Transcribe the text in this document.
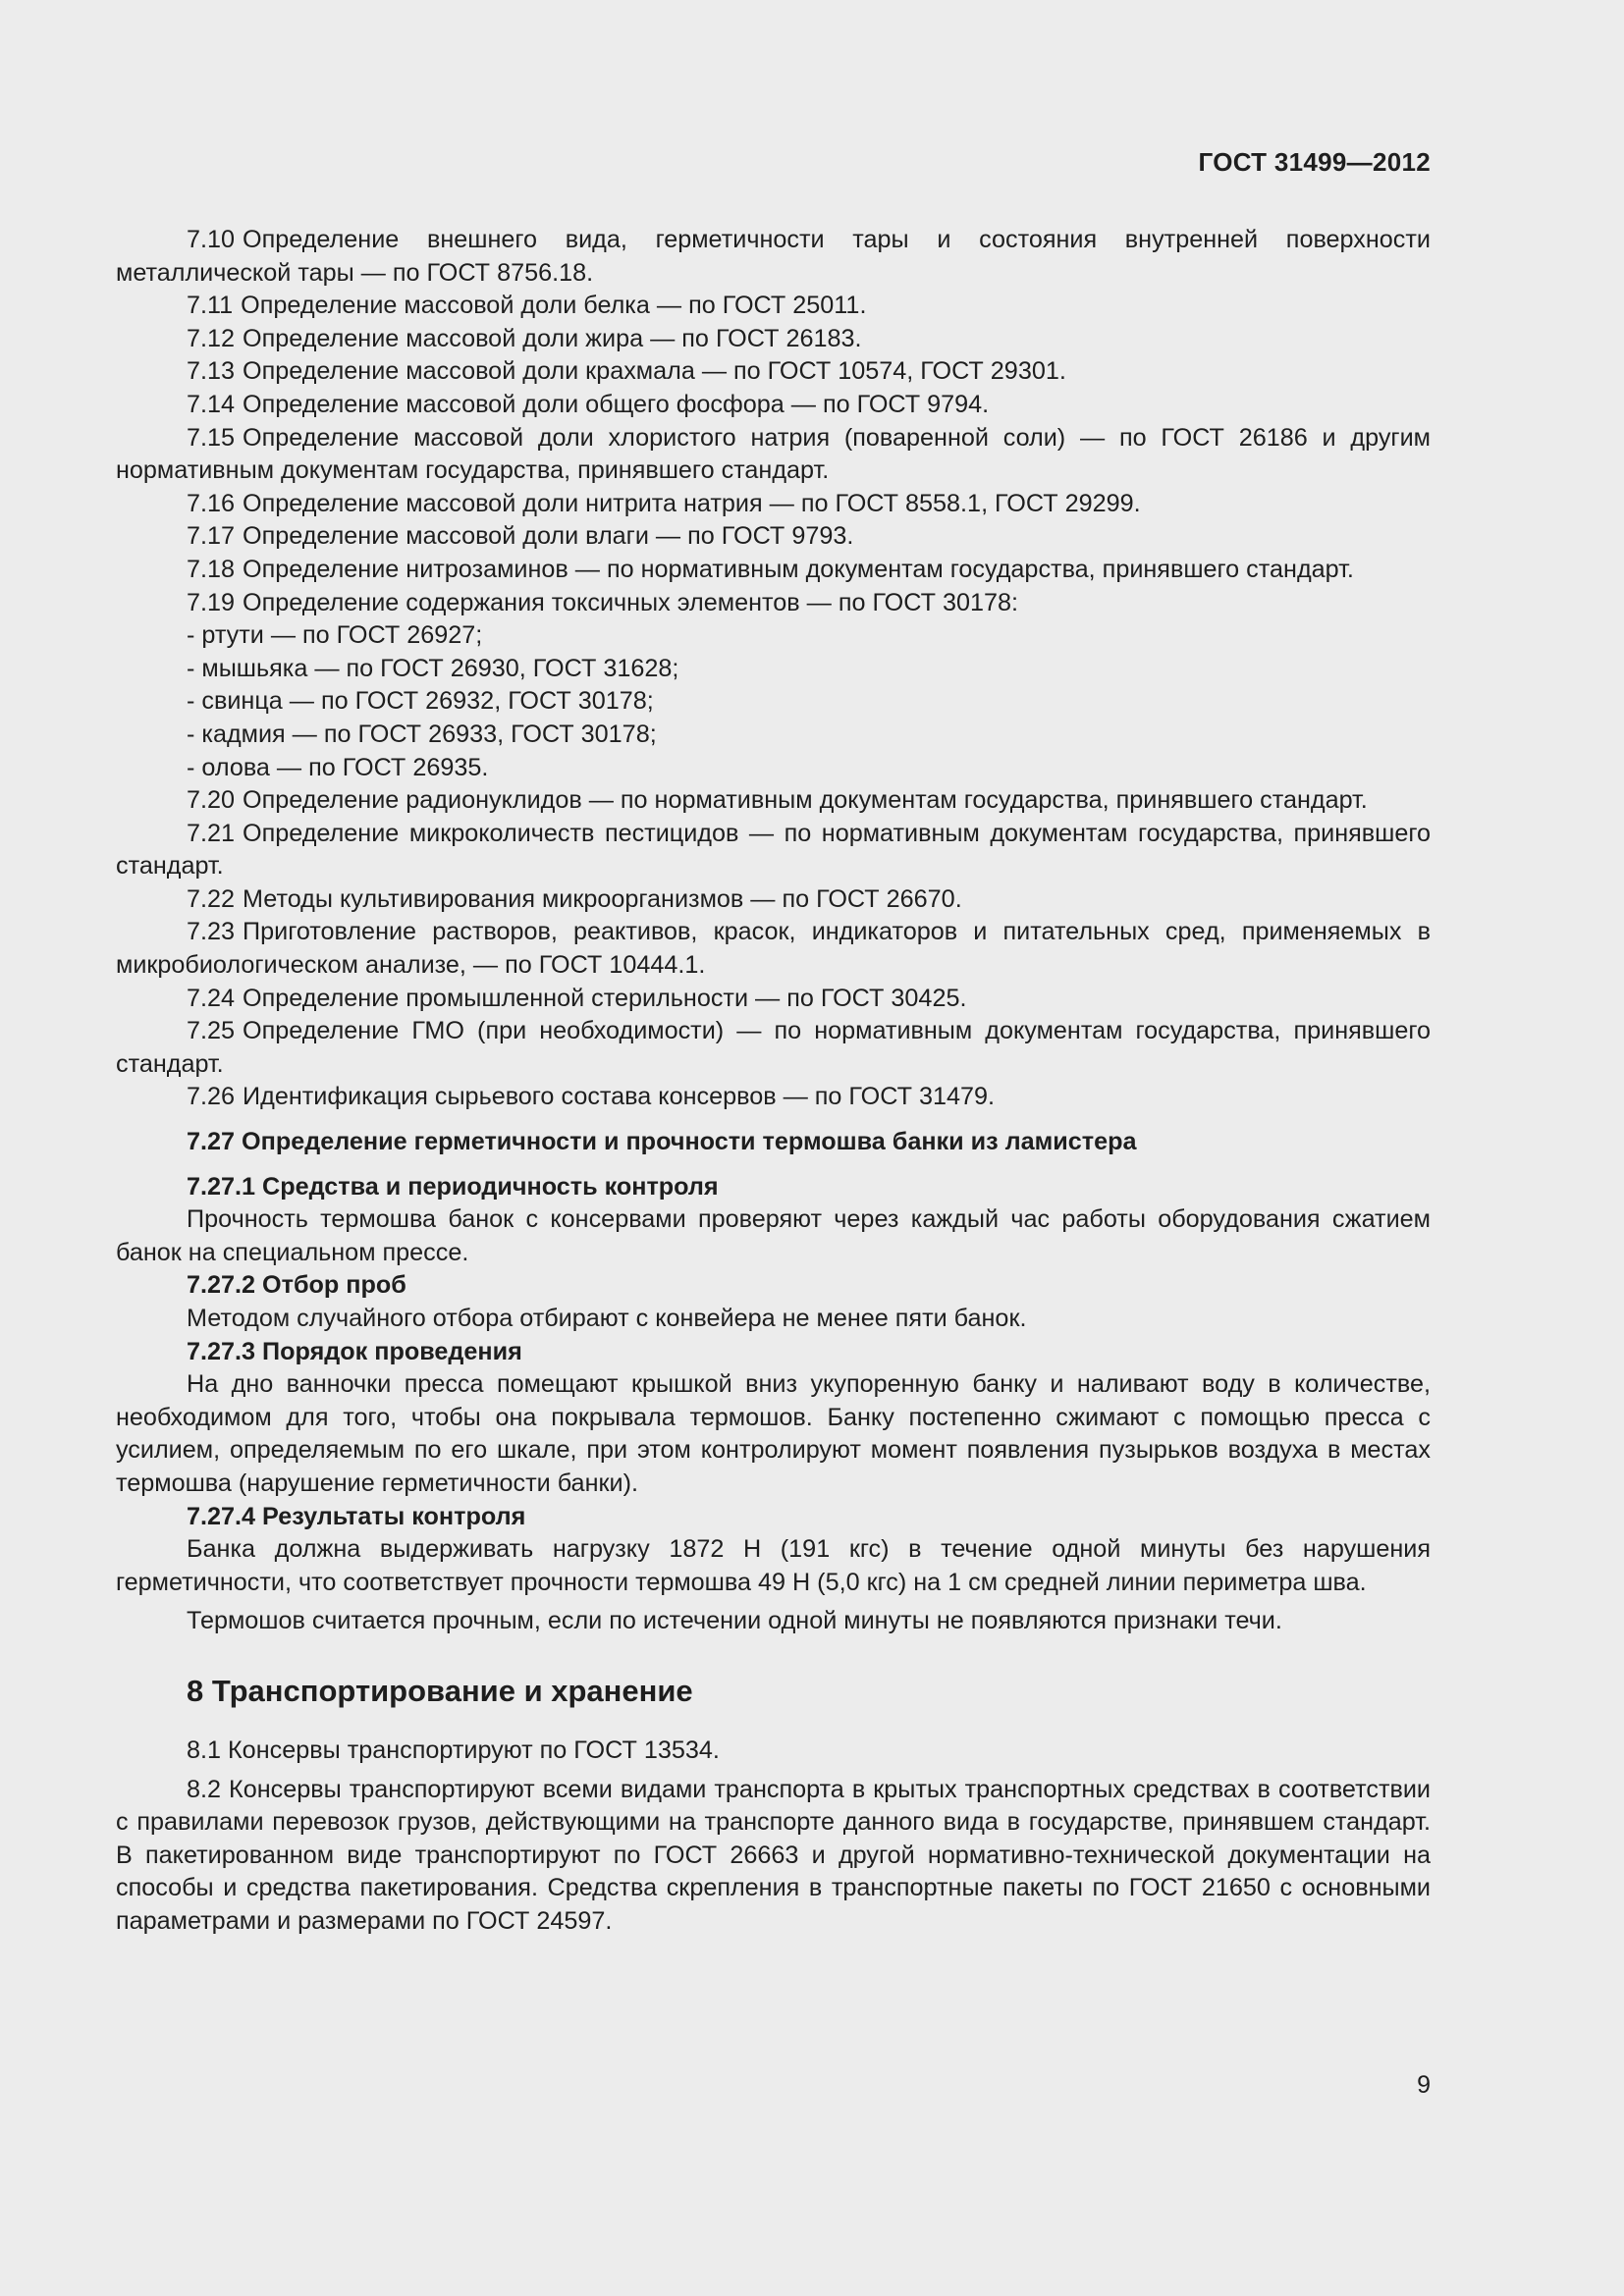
ГОСТ 31499—2012

7.10 Определение внешнего вида, герметичности тары и состояния внутренней поверхности металлической тары — по ГОСТ 8756.18.

7.11 Определение массовой доли белка — по ГОСТ 25011.

7.12 Определение массовой доли жира — по ГОСТ 26183.

7.13 Определение массовой доли крахмала — по ГОСТ 10574, ГОСТ 29301.

7.14 Определение массовой доли общего фосфора — по ГОСТ 9794.

7.15 Определение массовой доли хлористого натрия (поваренной соли) — по ГОСТ 26186 и другим нормативным документам государства, принявшего стандарт.

7.16 Определение массовой доли нитрита натрия — по ГОСТ 8558.1, ГОСТ 29299.

7.17 Определение массовой доли влаги — по ГОСТ 9793.

7.18 Определение нитрозаминов — по нормативным документам государства, принявшего стандарт.

7.19 Определение содержания токсичных элементов — по ГОСТ 30178:

- ртути — по ГОСТ 26927;

- мышьяка — по ГОСТ 26930, ГОСТ 31628;

- свинца — по ГОСТ 26932, ГОСТ 30178;

- кадмия — по ГОСТ 26933, ГОСТ 30178;

- олова — по ГОСТ 26935.

7.20 Определение радионуклидов — по нормативным документам государства, принявшего стандарт.

7.21 Определение микроколичеств пестицидов — по нормативным документам государства, принявшего стандарт.

7.22 Методы культивирования микроорганизмов — по ГОСТ 26670.

7.23 Приготовление растворов, реактивов, красок, индикаторов и питательных сред, применяемых в микробиологическом анализе, — по ГОСТ 10444.1.

7.24 Определение промышленной стерильности — по ГОСТ 30425.

7.25 Определение ГМО (при необходимости) — по нормативным документам государства, принявшего стандарт.

7.26 Идентификация сырьевого состава консервов — по ГОСТ 31479.

7.27 Определение герметичности и прочности термошва банки из ламистера

7.27.1 Средства и периодичность контроля

Прочность термошва банок с консервами проверяют через каждый час работы оборудования сжатием банок на специальном прессе.

7.27.2 Отбор проб

Методом случайного отбора отбирают с конвейера не менее пяти банок.

7.27.3 Порядок проведения

На дно ванночки пресса помещают крышкой вниз укупоренную банку и наливают воду в количестве, необходимом для того, чтобы она покрывала термошов. Банку постепенно сжимают с помощью пресса с усилием, определяемым по его шкале, при этом контролируют момент появления пузырьков воздуха в местах термошва (нарушение герметичности банки).

7.27.4 Результаты контроля

Банка должна выдерживать нагрузку 1872 Н (191 кгс) в течение одной минуты без нарушения герметичности, что соответствует прочности термошва 49 Н (5,0 кгс) на 1 см средней линии периметра шва.

Термошов считается прочным, если по истечении одной минуты не появляются признаки течи.

8 Транспортирование и хранение

8.1 Консервы транспортируют по ГОСТ 13534.

8.2 Консервы транспортируют всеми видами транспорта в крытых транспортных средствах в соответствии с правилами перевозок грузов, действующими на транспорте данного вида в государстве, принявшем стандарт. В пакетированном виде транспортируют по ГОСТ 26663 и другой нормативно-технической документации на способы и средства пакетирования. Средства скрепления в транспортные пакеты по ГОСТ 21650 с основными параметрами и размерами по ГОСТ 24597.

9
